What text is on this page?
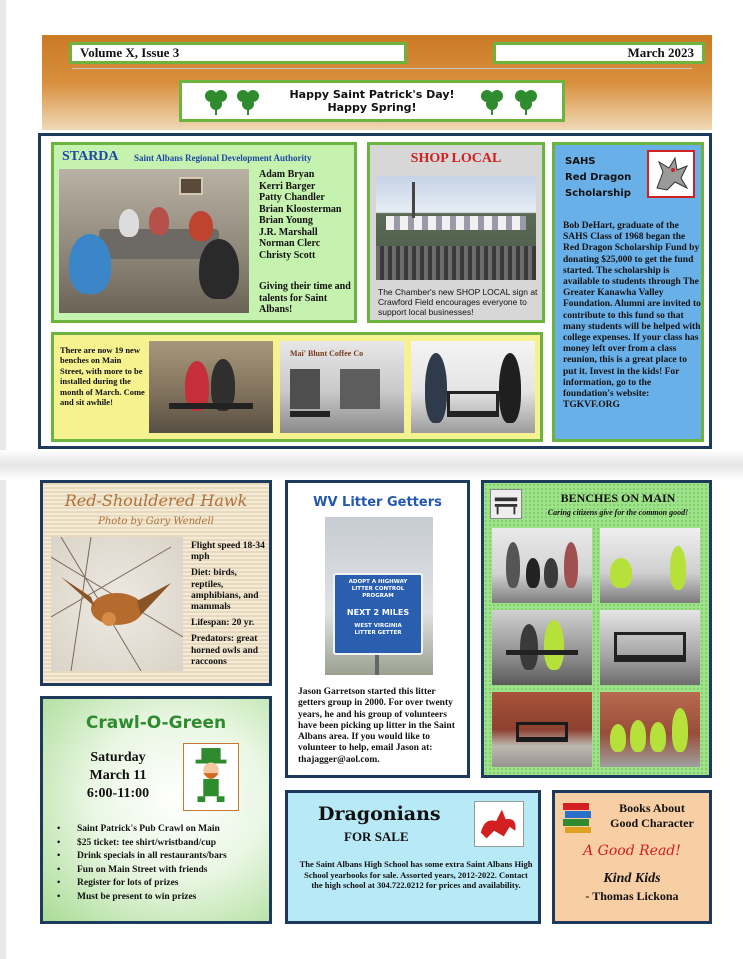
Volume X, Issue 3	March 2023
Happy Saint Patrick's Day!
Happy Spring!
STARDA Saint Albans Regional Development Authority
Adam Bryan
Kerri Barger
Patty Chandler
Brian Kloosterman
Brian Young
J.R. Marshall
Norman Clerc
Christy Scott
Giving their time and talents for Saint Albans!
SHOP LOCAL
The Chamber's new SHOP LOCAL sign at Crawford Field encourages everyone to support local businesses!
SAHS
Red Dragon
Scholarship
Bob DeHart, graduate of the SAHS Class of 1968 began the Red Dragon Scholarship Fund by donating $25,000 to get the fund started. The scholarship is available to students through The Greater Kanawha Valley Foundation. Alumni are invited to contribute to this fund so that many students will be helped with college expenses. If your class has money left over from a class reunion, this is a great place to put it. Invest in the kids! For information, go to the foundation's website: TGKVF.ORG
There are now 19 new benches on Main Street, with more to be installed during the month of March. Come and sit awhile!
Mai' Blunt Coffee Co
Red-Shouldered Hawk
Photo by Gary Wendell
Flight speed 18-34 mph
Diet: birds, reptiles, amphibians, and mammals
Lifespan: 20 yr.
Predators: great horned owls and raccoons
WV Litter Getters
ADOPT A HIGHWAY
LITTER CONTROL
PROGRAM
NEXT 2 MILES
WEST VIRGINIA
LITTER GETTER
Jason Garretson started this litter getters group in 2000. For over twenty years, he and his group of volunteers have been picking up litter in the Saint Albans area. If you would like to volunteer to help, email Jason at: thajagger@aol.com.
BENCHES ON MAIN
Caring citizens give for the common good!
Crawl-O-Green
Saturday
March 11
6:00-11:00
• Saint Patrick's Pub Crawl on Main
• $25 ticket: tee shirt/wristband/cup
• Drink specials in all restaurants/bars
• Fun on Main Street with friends
• Register for lots of prizes
• Must be present to win prizes
Dragonians
FOR SALE
The Saint Albans High School has some extra Saint Albans High School yearbooks for sale. Assorted years, 2012-2022. Contact the high school at 304.722.0212 for prices and availability.
Books About
Good Character
A Good Read!
Kind Kids
- Thomas Lickona
